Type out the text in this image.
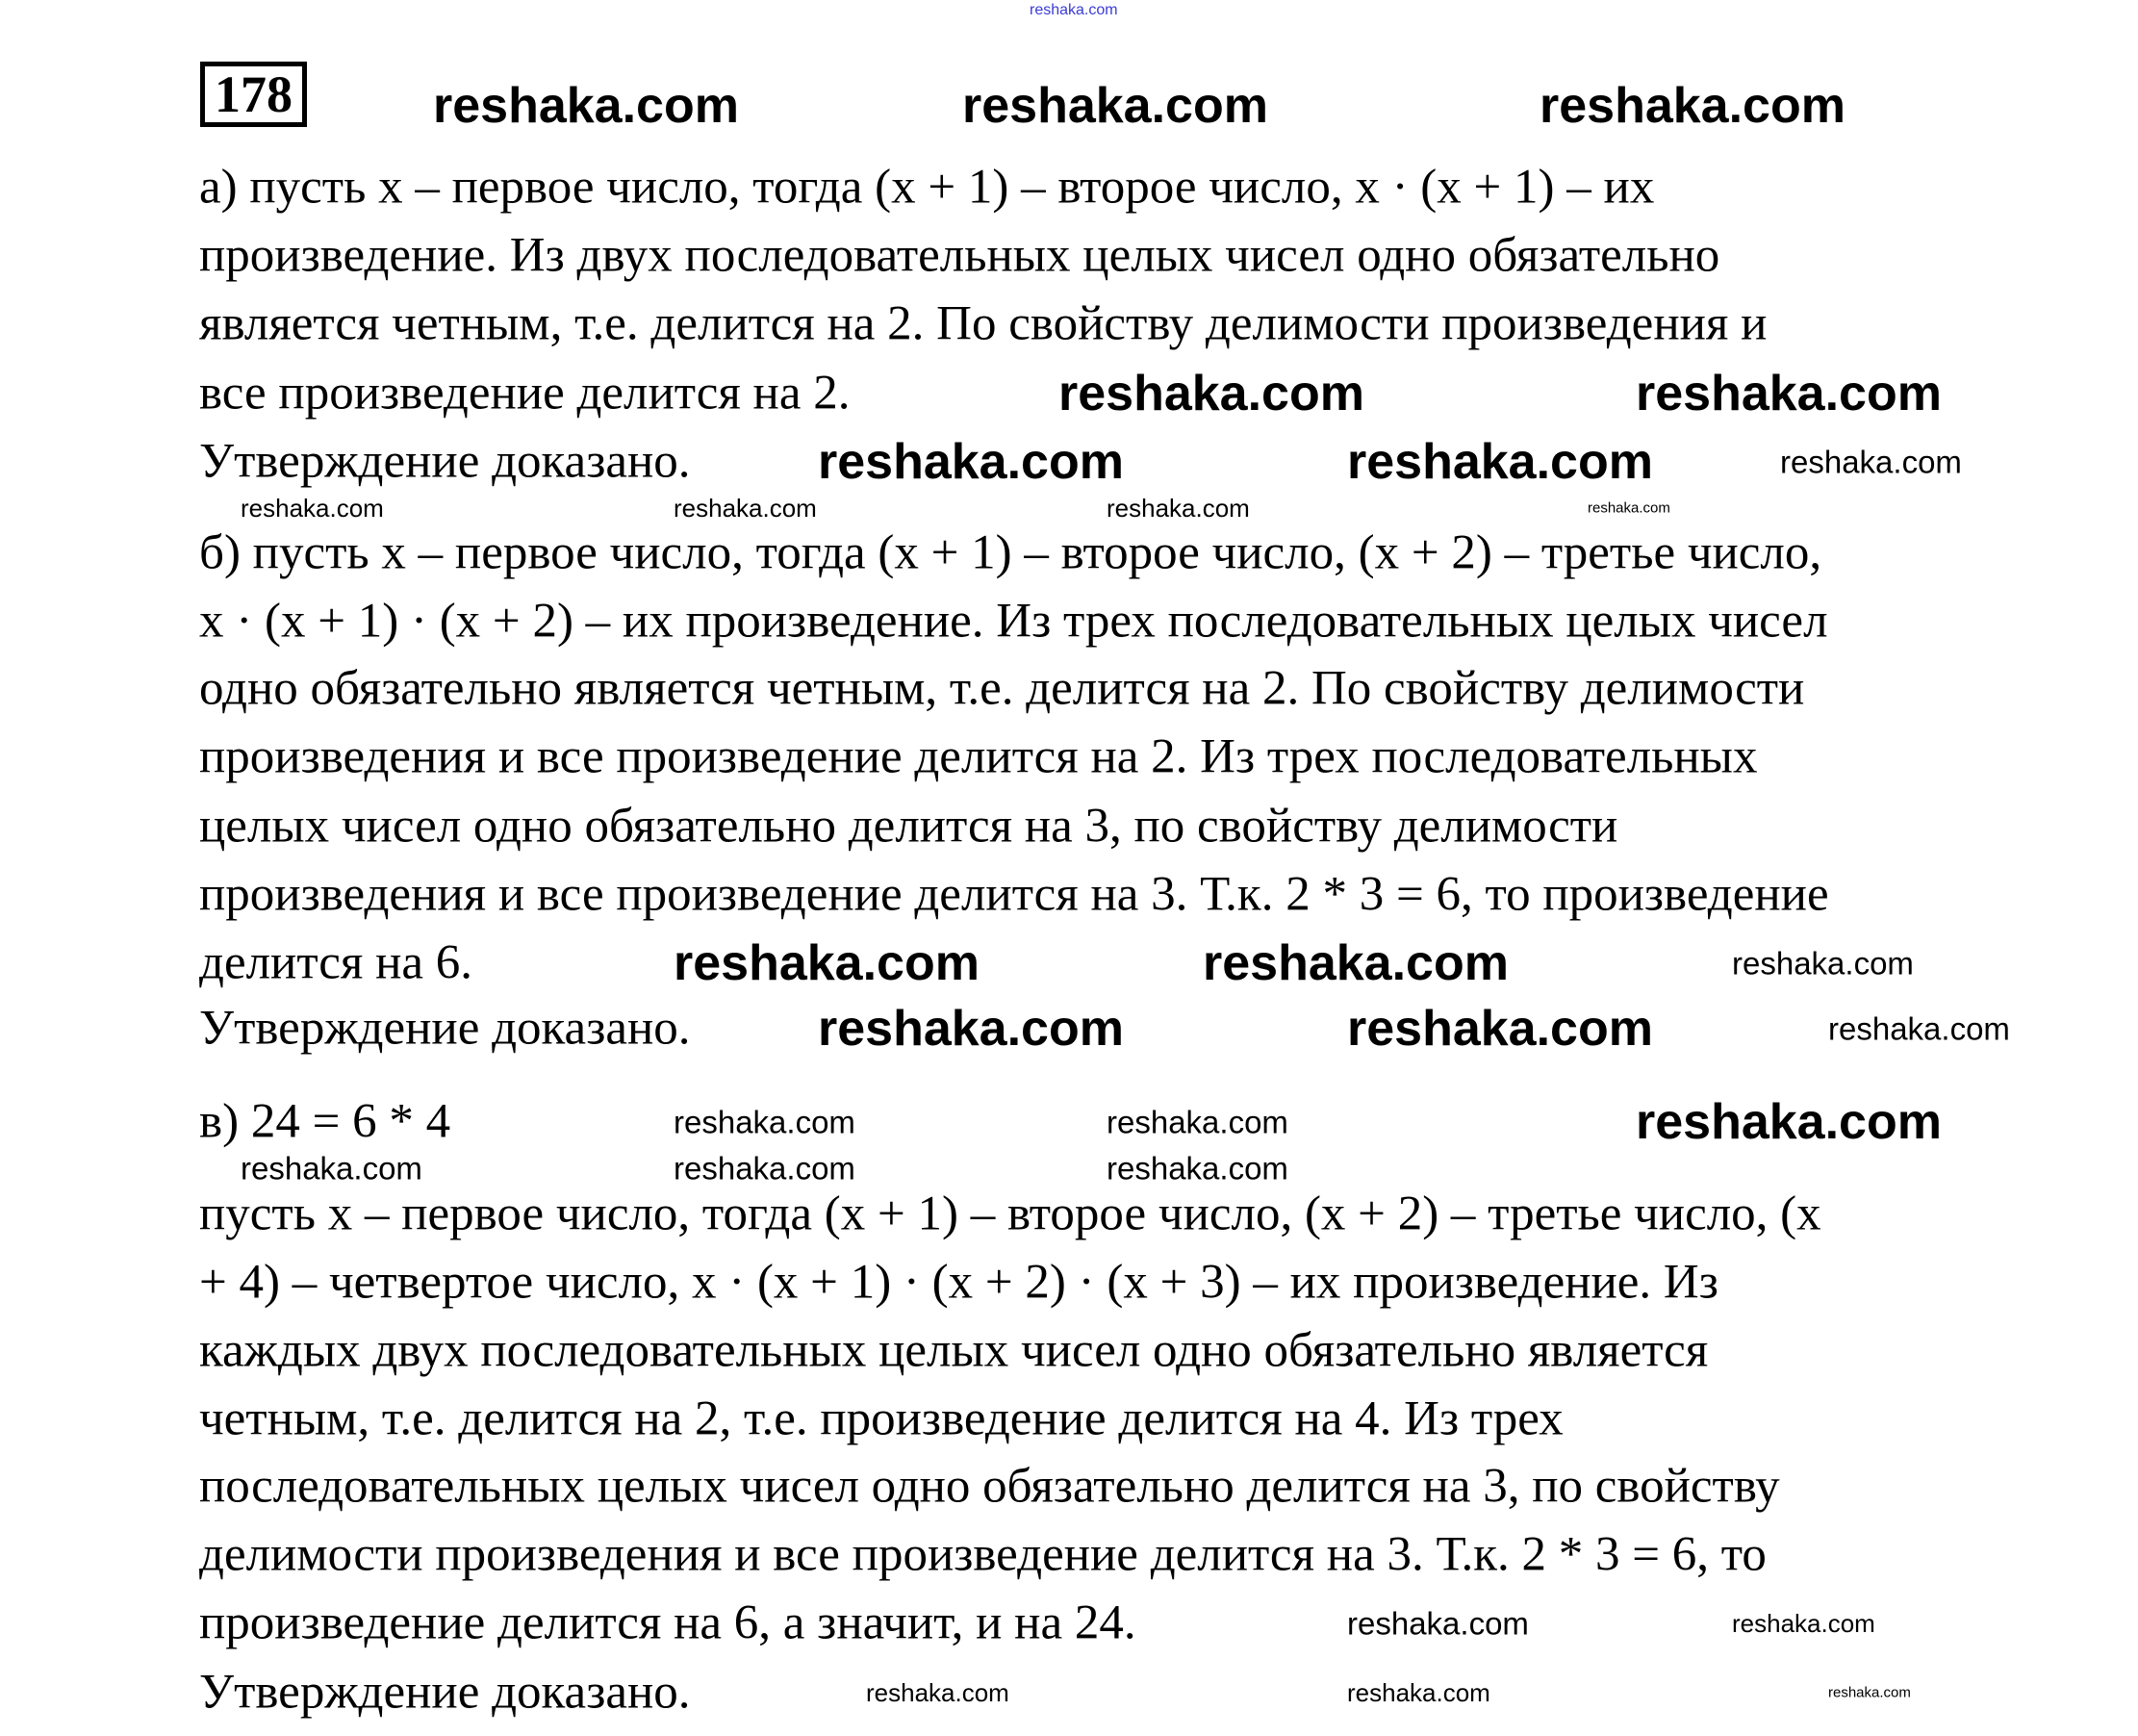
reshaka.com
178
а) пусть x – первое число, тогда (x + 1) – второе число, x · (x + 1) – их
произведение. Из двух последовательных целых чисел одно обязательно
является четным, т.е. делится на 2. По свойству делимости произведения и
все произведение делится на 2.
Утверждение доказано.
б) пусть x – первое число, тогда (x + 1) – второе число, (x + 2) – третье число,
x · (x + 1) · (x + 2) – их произведение. Из трех последовательных целых чисел
одно обязательно является четным, т.е. делится на 2. По свойству делимости
произведения и все произведение делится на 2. Из трех последовательных
целых чисел одно обязательно делится на 3, по свойству делимости
произведения и все произведение делится на 3. Т.к. 2 * 3 = 6, то произведение
делится на 6.
Утверждение доказано.
в) 24 = 6 * 4
пусть x – первое число, тогда (x + 1) – второе число, (x + 2) – третье число, (x
+ 4) – четвертое число, x · (x + 1) · (x + 2) · (x + 3) – их произведение. Из
каждых двух последовательных целых чисел одно обязательно является
четным, т.е. делится на 2, т.е. произведение делится на 4. Из трех
последовательных целых чисел одно обязательно делится на 3, по свойству
делимости произведения и все произведение делится на 3. Т.к. 2 * 3 = 6, то
произведение делится на 6, а значит, и на 24.
Утверждение доказано.
reshaka.com	reshaka.com	reshaka.com
reshaka.com	reshaka.com
reshaka.com	reshaka.com
reshaka.com	reshaka.com
reshaka.com	reshaka.com
reshaka.com
reshaka.com	reshaka.com
reshaka.com
reshaka.com
reshaka.com
reshaka.com
reshaka.com
reshaka.com	reshaka.com
reshaka.com	reshaka.com
reshaka.com
reshaka.com
reshaka.com
reshaka.com
reshaka.com	reshaka.com
